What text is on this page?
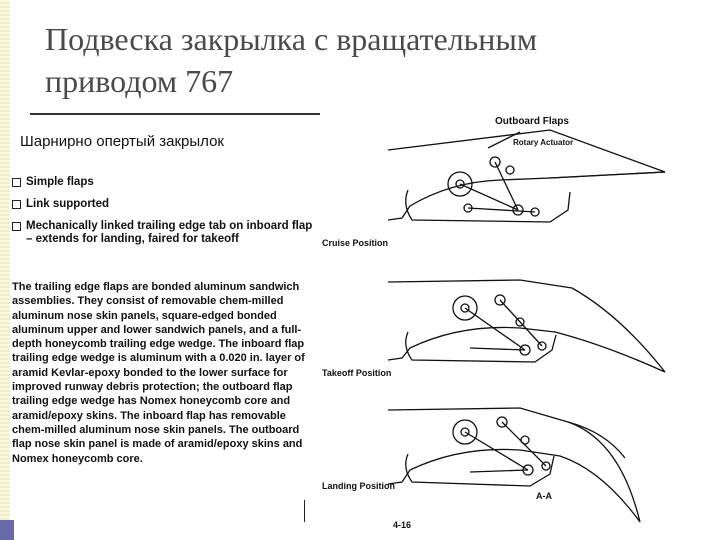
Подвеска закрылка с вращательным приводом 767
Шарнирно опертый закрылок
Simple flaps
Link supported
Mechanically linked trailing edge tab on inboard flap – extends for landing, faired for takeoff
The trailing edge flaps are bonded aluminum sandwich assemblies. They consist of removable chem-milled aluminum nose skin panels, square-edged bonded aluminum upper and lower sandwich panels, and a full-depth honeycomb trailing edge wedge. The inboard flap trailing edge wedge is aluminum with a 0.020 in. layer of aramid Kevlar-epoxy bonded to the lower surface for improved runway debris protection; the outboard flap trailing edge wedge has Nomex honeycomb core and aramid/epoxy skins. The inboard flap has removable chem-milled aluminum nose skin panels. The outboard flap nose skin panel is made of aramid/epoxy skins and Nomex honeycomb core.
Outboard Flaps
Rotary Actuator
Cruise Position
Takeoff Position
Landing Position
A-A
4-16
